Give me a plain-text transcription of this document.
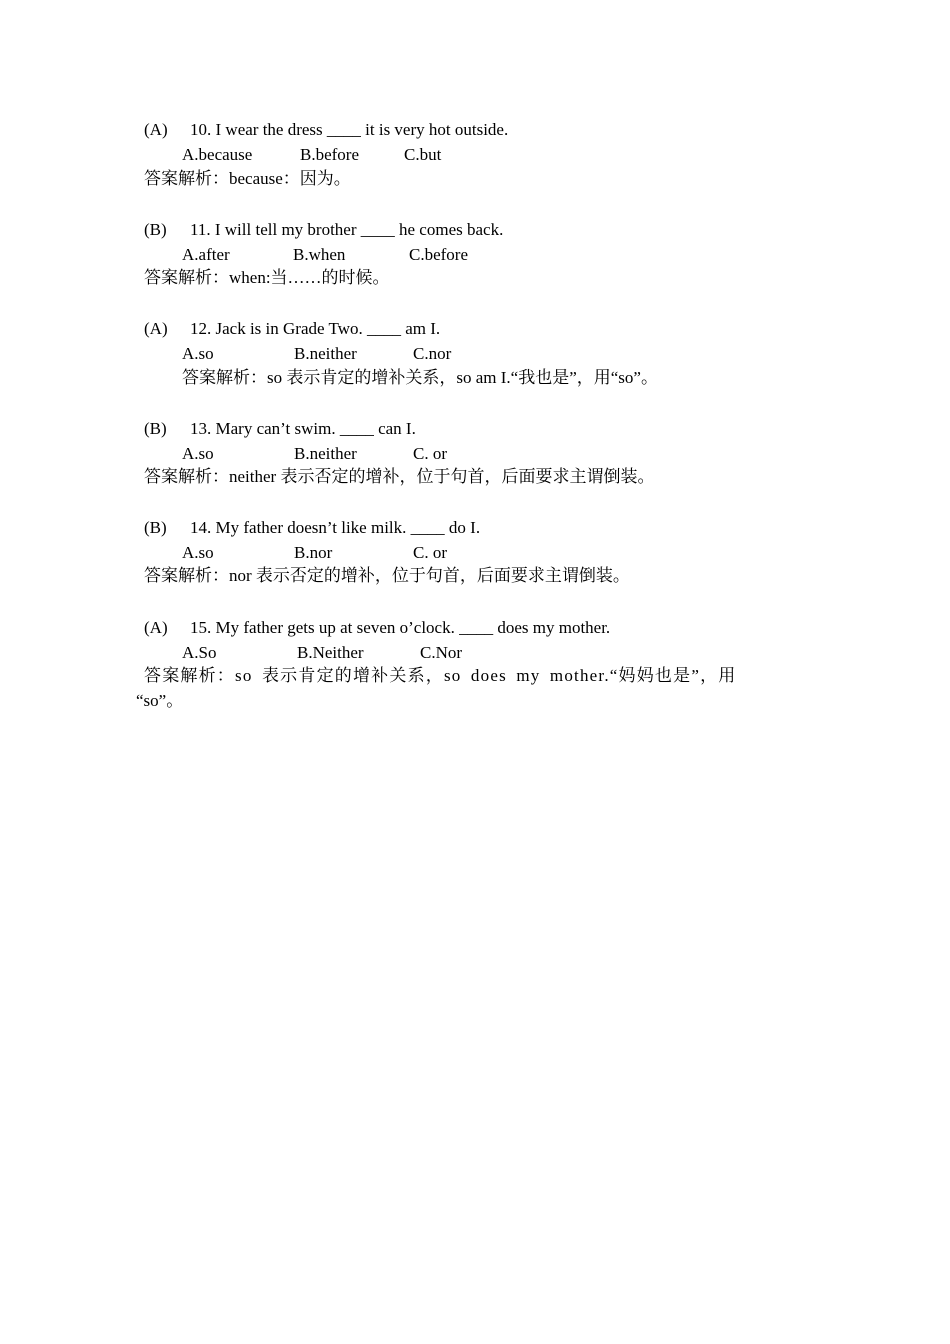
(A) 10. I wear the dress ____ it is very hot outside.
A.because	B.before	C.but
答案解析：because：因为。
(B) 11. I will tell my brother ____ he comes back.
A.after	B.when	C.before
答案解析：when:当……的时候。
(A) 12. Jack is in Grade Two. ____ am I.
A.so	B.neither	C.nor
答案解析：so 表示肯定的增补关系，so am I.“我也是”，用“so”。
(B) 13. Mary can’t swim. ____ can I.
A.so	B.neither	C. or
答案解析：neither 表示否定的增补，位于句首，后面要求主谓倒装。
(B) 14. My father doesn’t like milk. ____ do I.
A.so	B.nor	C. or
答案解析：nor 表示否定的增补，位于句首，后面要求主谓倒装。
(A) 15. My father gets up at seven o’clock. ____ does my mother.
A.So	B.Neither	C.Nor
答案解析：so 表示肯定的增补关系，so does my mother.“妈妈也是”，用
“so”。
